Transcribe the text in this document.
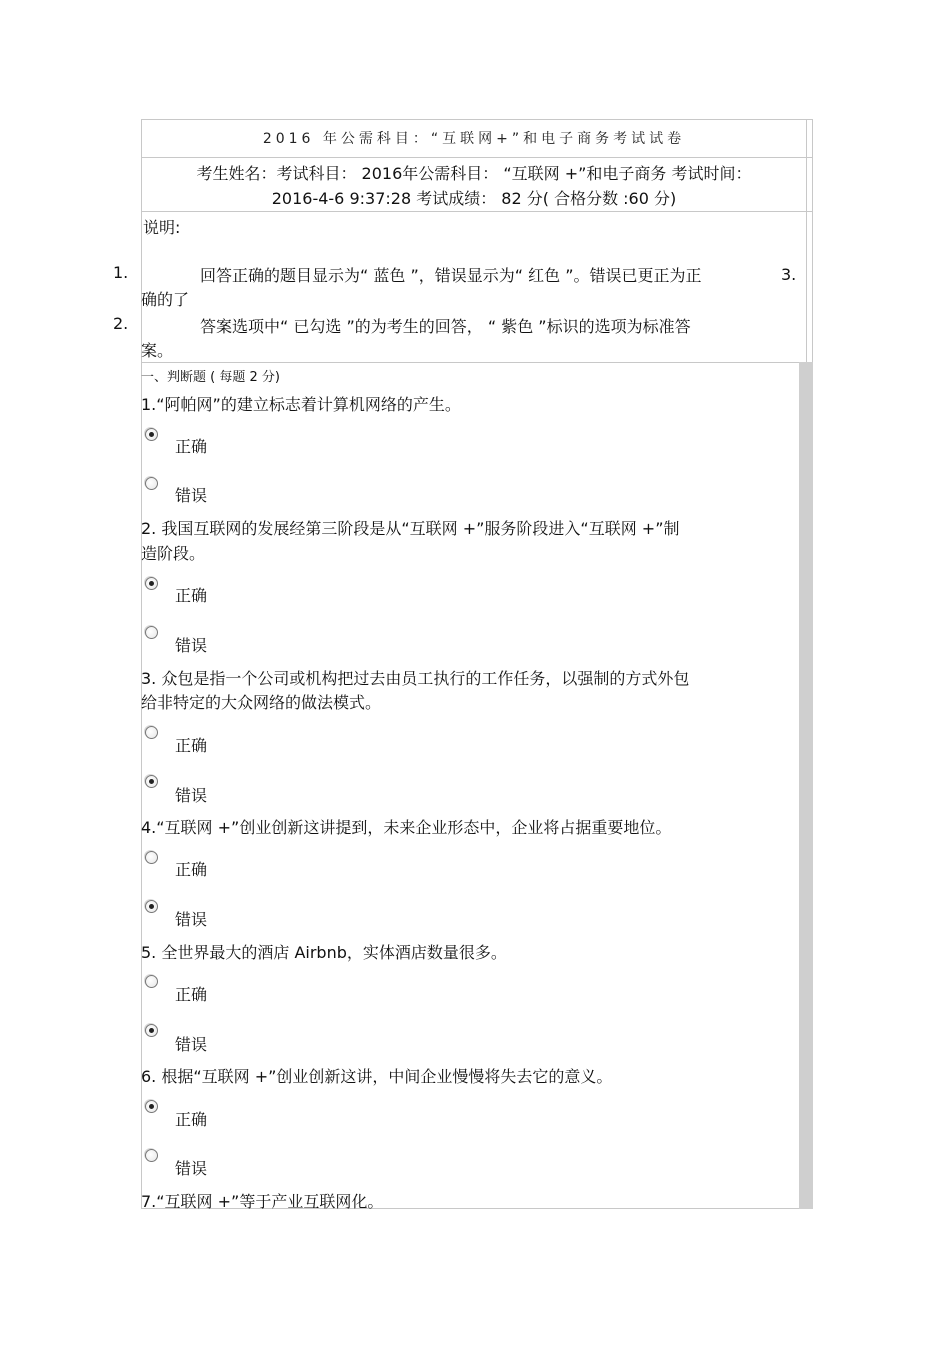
2016 年公需科目：“互联网+”和电子商务考试试卷
考生姓名：考试科目： 2016年公需科目： “互联网 +”和电子商务 考试时间：
2016-4-6 9:37:28 考试成绩： 82 分( 合格分数 :60 分)
说明:
1.	回答正确的题目显示为“ 蓝色 ”，错误显示为“ 红色 ”。错误已更正为正	3.
确的了
2.	答案选项中“ 已勾选 ”的为考生的回答， “ 紫色 ”标识的选项为标准答
案。
一、判断题 ( 每题 2 分)
1.“阿帕网”的建立标志着计算机网络的产生。
正确
错误
2. 我国互联网的发展经第三阶段是从“互联网 +”服务阶段进入“互联网 +”制
造阶段。
正确
错误
3. 众包是指一个公司或机构把过去由员工执行的工作任务，以强制的方式外包
给非特定的大众网络的做法模式。
正确
错误
4.“互联网 +”创业创新这讲提到，未来企业形态中，企业将占据重要地位。
正确
错误
5. 全世界最大的酒店 Airbnb，实体酒店数量很多。
正确
错误
6. 根据“互联网 +”创业创新这讲，中间企业慢慢将失去它的意义。
正确
错误
7.“互联网 +”等于产业互联网化。
